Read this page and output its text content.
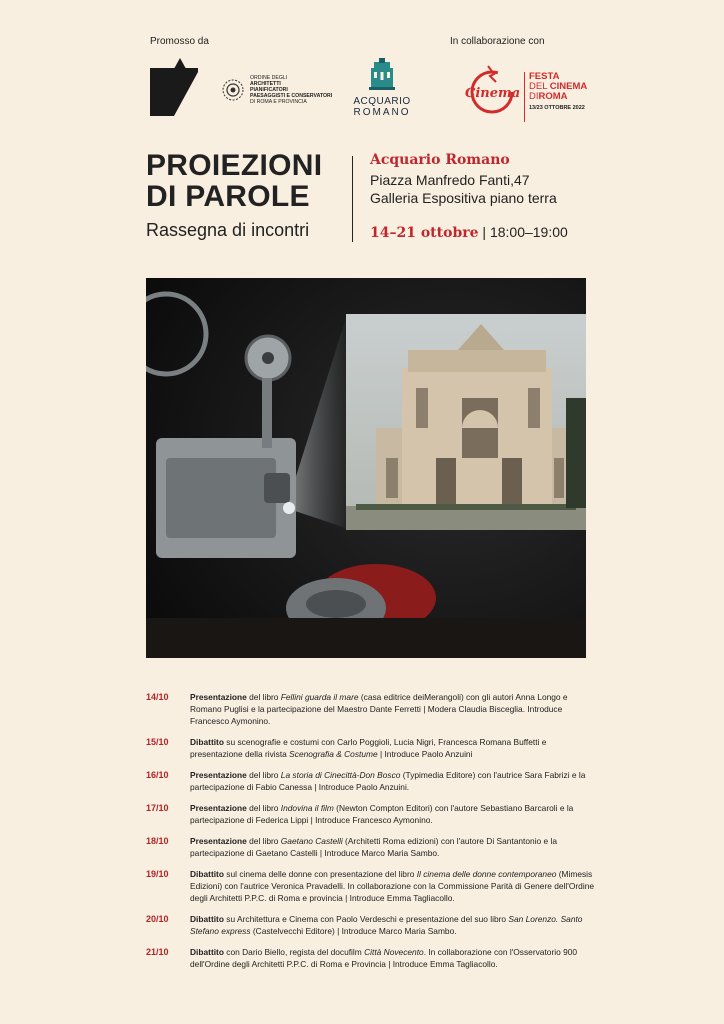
Promosso da	In collaborazione con
ORDINE DEGLI
ARCHITETTI
PIANIFICATORI
PAESAGGISTI E CONSERVATORI
DI ROMA E PROVINCIA	ACQUARIO
ROMANO
Cinema
FESTA
DEL CINEMA
DIROMA
13/23 OTTOBRE 2022
PROIEZIONI
DI PAROLE
Rassegna di incontri
Acquario Romano
Piazza Manfredo Fanti,47
Galleria Espositiva piano terra
14–21 ottobre | 18:00–19:00
14/10	Presentazione del libro Fellini guarda il mare (casa editrice deiMerangoli) con gli autori Anna Longo e Romano Puglisi e la partecipazione del Maestro Dante Ferretti | Modera Claudia Bisceglia. Introduce Francesco Aymonino.
15/10	Dibattito su scenografie e costumi con Carlo Poggioli, Lucia Nigri, Francesca Romana Buffetti e presentazione della rivista Scenografia & Costume | Introduce Paolo Anzuini
16/10	Presentazione del libro La storia di Cinecittà-Don Bosco (Typimedia Editore) con l'autrice Sara Fabrizi e la partecipazione di Fabio Canessa | Introduce Paolo Anzuini.
17/10	Presentazione del libro Indovina il film (Newton Compton Editori) con l'autore Sebastiano Barcaroli e la partecipazione di Federica Lippi | Introduce Francesco Aymonino.
18/10	Presentazione del libro Gaetano Castelli (Architetti Roma edizioni) con l'autore Di Santantonio e la partecipazione di Gaetano Castelli | Introduce Marco Maria Sambo.
19/10	Dibattito sul cinema delle donne con presentazione del libro Il cinema delle donne contemporaneo (Mimesis Edizioni) con l'autrice Veronica Pravadelli. In collaborazione con la Commissione Parità di Genere dell'Ordine degli Architetti P.P.C. di Roma e provincia | Introduce Emma Tagliacollo.
20/10	Dibattito su Architettura e Cinema con Paolo Verdeschi e presentazione del suo libro San Lorenzo. Santo Stefano express (Castelvecchi Editore) | Introduce Marco Maria Sambo.
21/10	Dibattito con Dario Biello, regista del docufilm Città Novecento. In collaborazione con l'Osservatorio 900 dell'Ordine degli Architetti P.P.C. di Roma e Provincia | Introduce Emma Tagliacollo.
